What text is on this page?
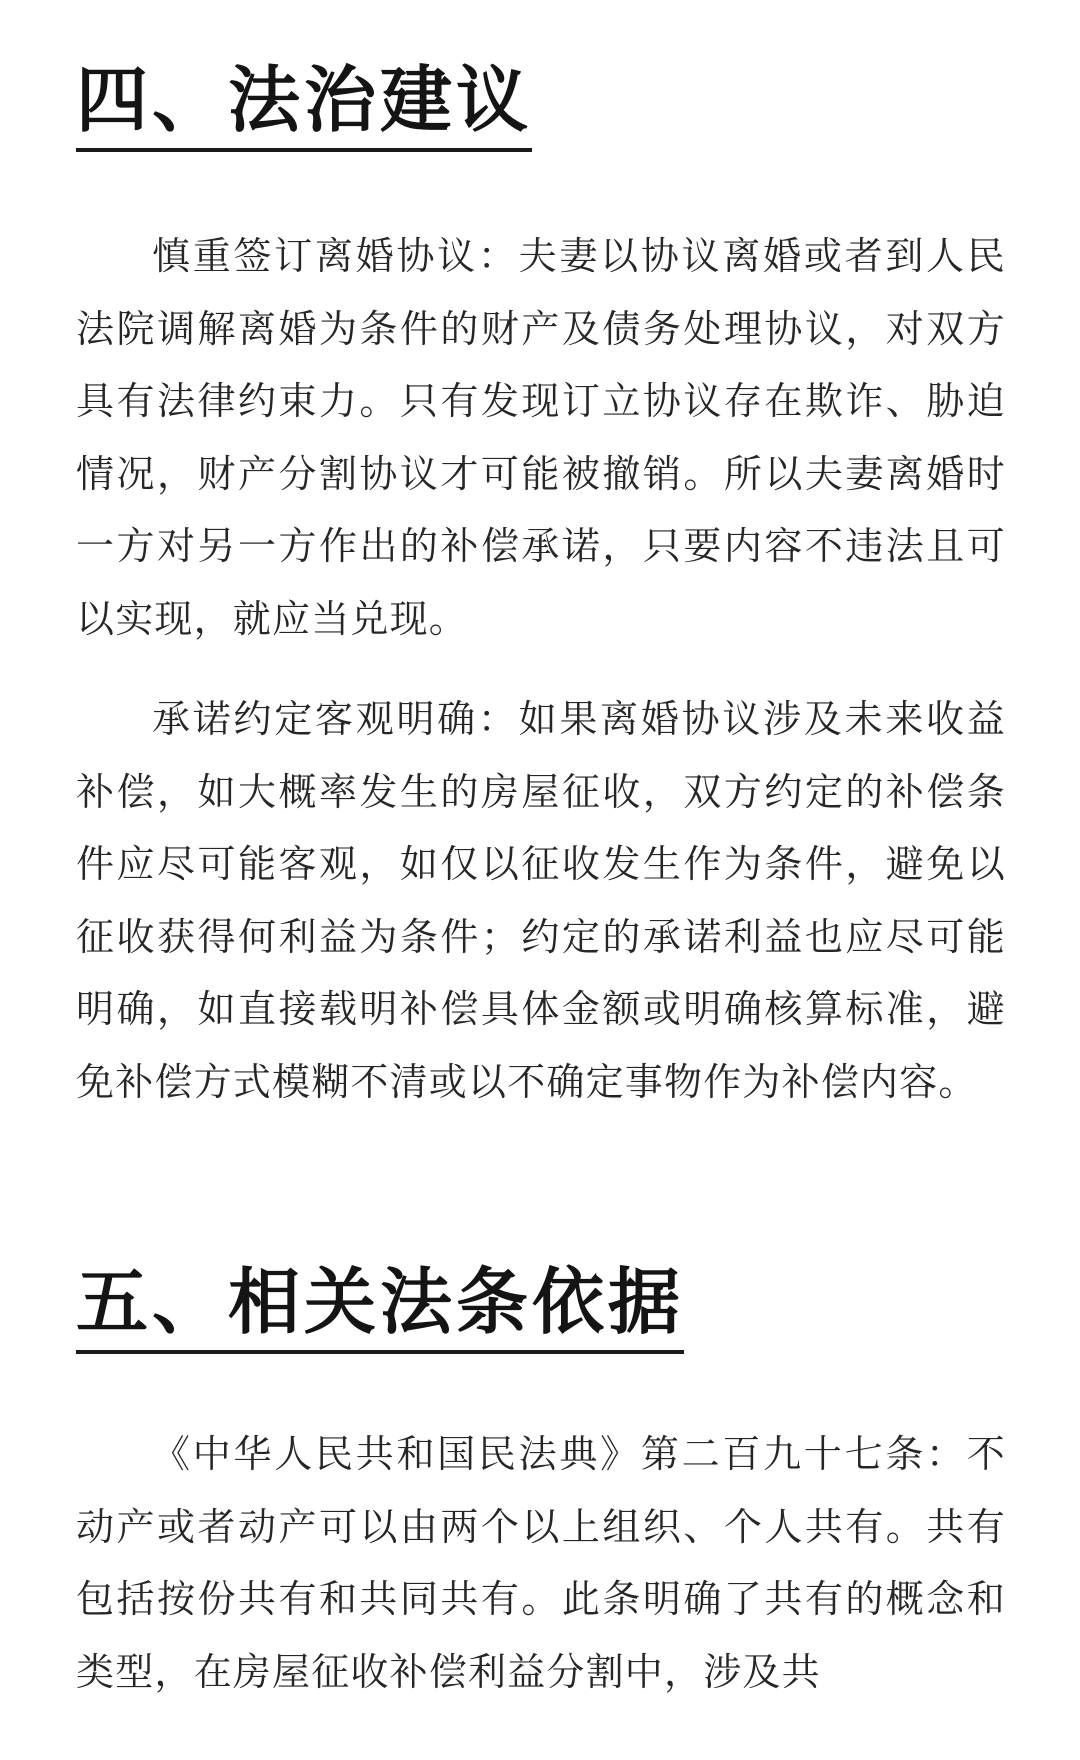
四、法治建议

慎重签订离婚协议：夫妻以协议离婚或者到人民法院调解离婚为条件的财产及债务处理协议，对双方具有法律约束力。只有发现订立协议存在欺诈、胁迫情况，财产分割协议才可能被撤销。所以夫妻离婚时一方对另一方作出的补偿承诺，只要内容不违法且可以实现，就应当兑现。

承诺约定客观明确：如果离婚协议涉及未来收益补偿，如大概率发生的房屋征收，双方约定的补偿条件应尽可能客观，如仅以征收发生作为条件，避免以征收获得何利益为条件；约定的承诺利益也应尽可能明确，如直接载明补偿具体金额或明确核算标准，避免补偿方式模糊不清或以不确定事物作为补偿内容。

五、相关法条依据

《中华人民共和国民法典》第二百九十七条：不动产或者动产可以由两个以上组织、个人共有。共有包括按份共有和共同共有。此条明确了共有的概念和类型，在房屋征收补偿利益分割中，涉及共
